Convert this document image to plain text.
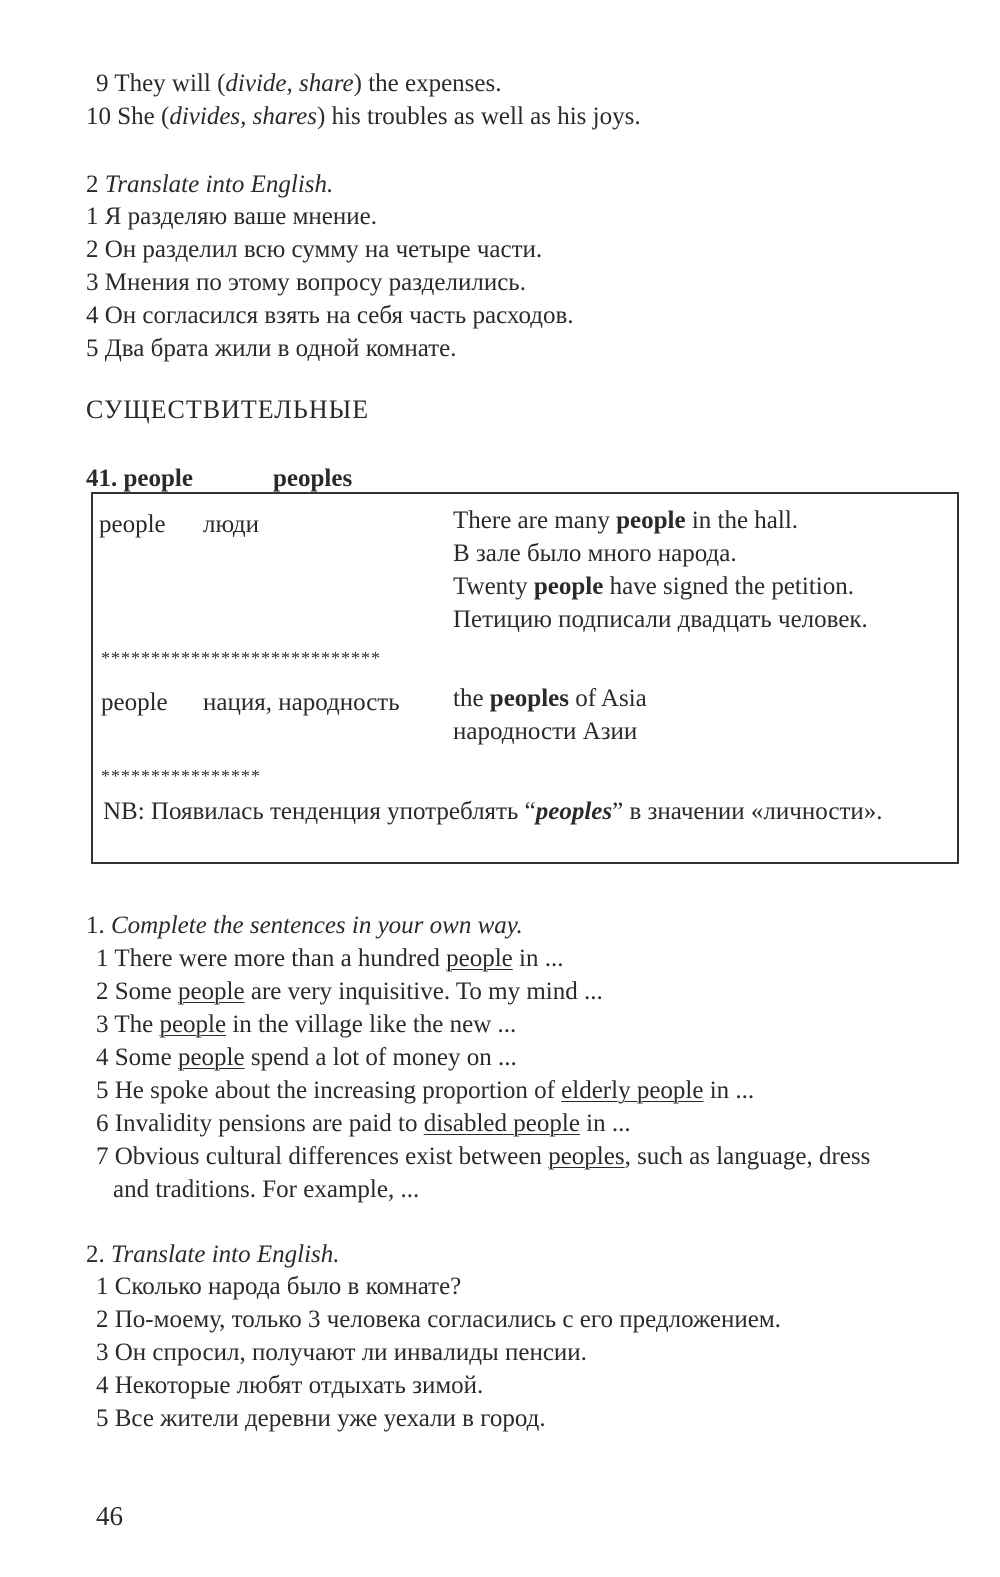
9 They will (divide, share) the expenses.
10 She (divides, shares) his troubles as well as his joys.
2 Translate into English.
1 Я разделяю ваше мнение.
2 Он разделил всю сумму на четыре части.
3 Мнения по этому вопросу разделились.
4 Он согласился взять на себя часть расходов.
5 Два брата жили в одной комнате.
СУЩЕСТВИТЕЛЬНЫЕ
41. people	peoples
people люди	There are many people in the hall.
В зале было много народа.
Twenty people have signed the petition.
Петицию подписали двадцать человек.
****************************
people нация, народность the peoples of Asia
народности Азии
****************
NB: Появилась тенденция употреблять “peoples” в значении «личности».
1. Complete the sentences in your own way.
1 There were more than a hundred people in ...
2 Some people are very inquisitive. To my mind ...
3 The people in the village like the new ...
4 Some people spend a lot of money on ...
5 He spoke about the increasing proportion of elderly people in ...
6 Invalidity pensions are paid to disabled people in ...
7 Obvious cultural differences exist between peoples, such as language, dress
and traditions. For example, ...
2. Translate into English.
1 Сколько народа было в комнате?
2 По-моему, только 3 человека согласились с его предложением.
3 Он спросил, получают ли инвалиды пенсии.
4 Некоторые любят отдыхать зимой.
5 Все жители деревни уже уехали в город.
46
